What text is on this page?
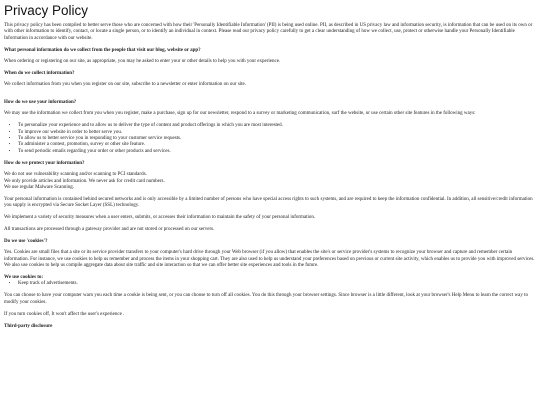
Privacy Policy

This privacy policy has been compiled to better serve those who are concerned with how their 'Personally Identifiable Information' (PII) is being used online. PII, as described in US privacy law and information security, is information that can be used on its own or with other information to identify, contact, or locate a single person, or to identify an individual in context. Please read our privacy policy carefully to get a clear understanding of how we collect, use, protect or otherwise handle your Personally Identifiable Information in accordance with our website.

What personal information do we collect from the people that visit our blog, website or app?

When ordering or registering on our site, as appropriate, you may be asked to enter your or other details to help you with your experience.

When do we collect information?

We collect information from you when you register on our site, subscribe to a newsletter or enter information on our site.

How do we use your information?

We may use the information we collect from you when you register, make a purchase, sign up for our newsletter, respond to a survey or marketing communication, surf the website, or use certain other site features in the following ways:

• To personalize your experience and to allow us to deliver the type of content and product offerings in which you are most interested.
• To improve our website in order to better serve you.
• To allow us to better service you in responding to your customer service requests.
• To administer a contest, promotion, survey or other site feature.
• To send periodic emails regarding your order or other products and services.

How do we protect your information?

We do not use vulnerability scanning and/or scanning to PCI standards.

We only provide articles and information. We never ask for credit card numbers.

We use regular Malware Scanning.

Your personal information is contained behind secured networks and is only accessible by a limited number of persons who have special access rights to such systems, and are required to keep the information confidential. In addition, all sensitive/credit information you supply is encrypted via Secure Socket Layer (SSL) technology.

We implement a variety of security measures when a user enters, submits, or accesses their information to maintain the safety of your personal information.

All transactions are processed through a gateway provider and are not stored or processed on our servers.

Do we use 'cookies'?

Yes. Cookies are small files that a site or its service provider transfers to your computer's hard drive through your Web browser (if you allow) that enables the site's or service provider's systems to recognize your browser and capture and remember certain information. For instance, we use cookies to help us remember and process the items in your shopping cart. They are also used to help us understand your preferences based on previous or current site activity, which enables us to provide you with improved services. We also use cookies to help us compile aggregate data about site traffic and site interaction so that we can offer better site experiences and tools in the future.

We use cookies to:

• Keep track of advertisements.

You can choose to have your computer warn you each time a cookie is being sent, or you can choose to turn off all cookies. You do this through your browser settings. Since browser is a little different, look at your browser's Help Menu to learn the correct way to modify your cookies.

If you turn cookies off, It won't affect the user's experience .

Third-party disclosure
